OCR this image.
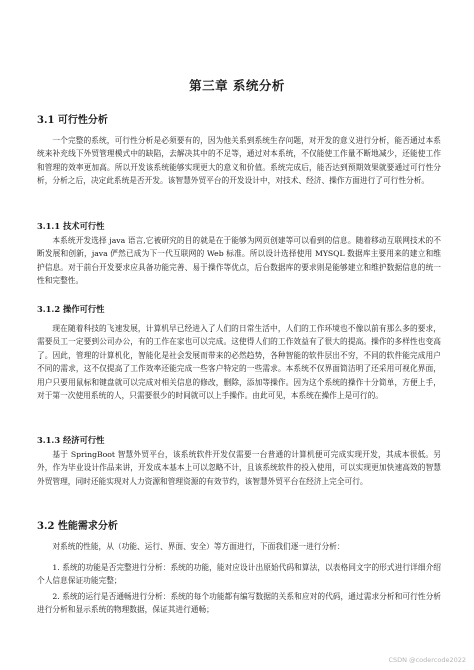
第三章 系统分析
3.1 可行性分析

一个完整的系统，可行性分析是必须要有的，因为他关系到系统生存问题，对开发的意义进行分析，能否通过本系统来补充线下外贸管理模式中的缺陷，去解决其中的不足等，通过对本系统，不仅能使工作量不断地减少，还能使工作和管理的效率更加高。所以开发该系统能够实现更大的意义和价值。系统完成后，能否达到预期效果就要通过可行性分析，分析之后，决定此系统是否开发。该智慧外贸平台的开发设计中，对技术、经济、操作方面进行了可行性分析。

3.1.1 技术可行性

本系统开发选择 java 语言,它被研究的目的就是在于能够为网页创建等可以看到的信息。随着移动互联网技术的不断发展和创新，java 俨然已成为下一代互联网的 Web 标准。所以设计选择使用 MYSQL 数据库主要用来的建立和维护信息。对于前台开发要求应具备功能完善、易于操作等优点，后台数据库的要求则是能够建立和维护数据信息的统一性和完整性。

3.1.2 操作可行性

现在随着科技的飞速发展，计算机早已经进入了人们的日常生活中，人们的工作环境也不像以前有那么多的要求，需要员工一定要到公司办公，有的工作在家也可以完成。这使得人们的工作效益有了很大的提高。操作的多样性也变高了。因此，管理的计算机化，智能化是社会发展而带来的必然趋势，各种智能的软件层出不穷，不同的软件能完成用户不同的需求，这不仅提高了工作效率还能完成一些客户特定的一些需求。本系统不仅界面简洁明了还采用可视化界面，用户只要用鼠标和键盘就可以完成对相关信息的修改，删除，添加等操作。因为这个系统的操作十分简单，方便上手，对于第一次使用系统的人，只需要很少的时间就可以上手操作。由此可见，本系统在操作上是可行的。

3.1.3 经济可行性

基于 SpringBoot 智慧外贸平台，该系统软件开发仅需要一台普通的计算机便可完成实现开发，其成本很低。另外，作为毕业设计作品来讲，开发成本基本上可以忽略不计，且该系统软件的投入使用，可以实现更加快速高效的智慧外贸管理，同时还能实现对人力资源和管理资源的有效节约，该智慧外贸平台在经济上完全可行。

3.2 性能需求分析

对系统的性能，从（功能、运行、界面、安全）等方面进行，下面我们逐一进行分析：

1. 系统的功能是否完整进行分析：系统的功能，能对应设计出原始代码和算法，以表格同文字的形式进行详细介绍个人信息保证功能完整；

2. 系统的运行是否通畅进行分析：系统的每个功能都有编写数据的关系和应对的代码，通过需求分析和可行性分析进行分析和显示系统的物理数据，保证其进行通畅；

CSDN @codercode2022
